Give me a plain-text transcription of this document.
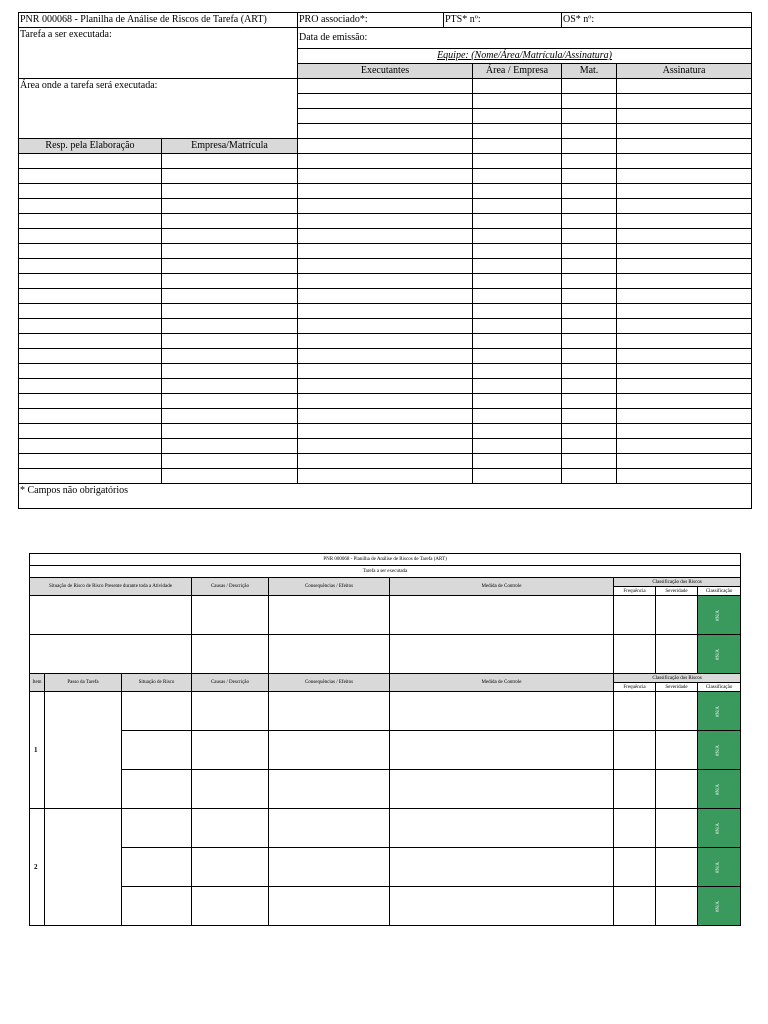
PNR 000068 - Planilha de Análise de Riscos de Tarefa (ART)		PRO associado*:	PTS* nº:		OS* nº:	
Tarefa a ser executada:		Data de emissão:				
		Equipe: (Nome/Área/Matrícula/Assinatura)				
		Executantes		Área / Empresa	Mat.	Assinatura
Área onde a tarefa será executada:						

Resp. pela Elaboração	Empresa/Matrícula					

* Campos não obrigatórios						
PNR 000068 - Planilha de Análise de Riscos de Tarefa (ART)								
Tarefa a ser executada								
Situação de Risco de Risco Presente durante toda a Atividade			Causas / Descrição	Consequências / Efeitos	Medida de Controle	Classificação dos Riscos		
						Frequência	Severidade	Classificação
								#N/A
								#N/A
Item	Passo da Tarefa	Situação de Risco	Causas / Descrição	Consequências / Efeitos	Medida de Controle	Classificação dos Riscos		
						Frequência	Severidade	Classificação
1								#N/A
								#N/A
								#N/A
2								#N/A
								#N/A
								#N/A
